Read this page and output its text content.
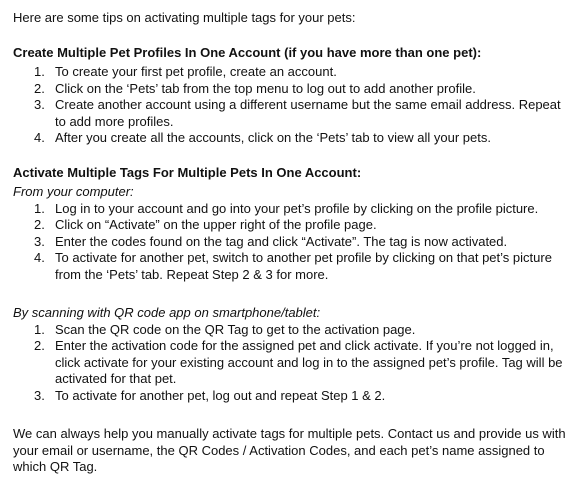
Here are some tips on activating multiple tags for your pets:

Create Multiple Pet Profiles In One Account (if you have more than one pet):

1. To create your first pet profile, create an account.
2. Click on the ‘Pets’ tab from the top menu to log out to add another profile.
3. Create another account using a different username but the same email address. Repeat to add more profiles.
4. After you create all the accounts, click on the ‘Pets’ tab to view all your pets.

Activate Multiple Tags For Multiple Pets In One Account:

From your computer:

1. Log in to your account and go into your pet’s profile by clicking on the profile picture.
2. Click on “Activate” on the upper right of the profile page.
3. Enter the codes found on the tag and click “Activate”. The tag is now activated.
4. To activate for another pet, switch to another pet profile by clicking on that pet’s picture from the ‘Pets’ tab. Repeat Step 2 & 3 for more.

By scanning with QR code app on smartphone/tablet:

1. Scan the QR code on the QR Tag to get to the activation page.
2. Enter the activation code for the assigned pet and click activate. If you’re not logged in, click activate for your existing account and log in to the assigned pet’s profile. Tag will be activated for that pet.
3. To activate for another pet, log out and repeat Step 1 & 2.

We can always help you manually activate tags for multiple pets. Contact us and provide us with your email or username, the QR Codes / Activation Codes, and each pet’s name assigned to which QR Tag.
